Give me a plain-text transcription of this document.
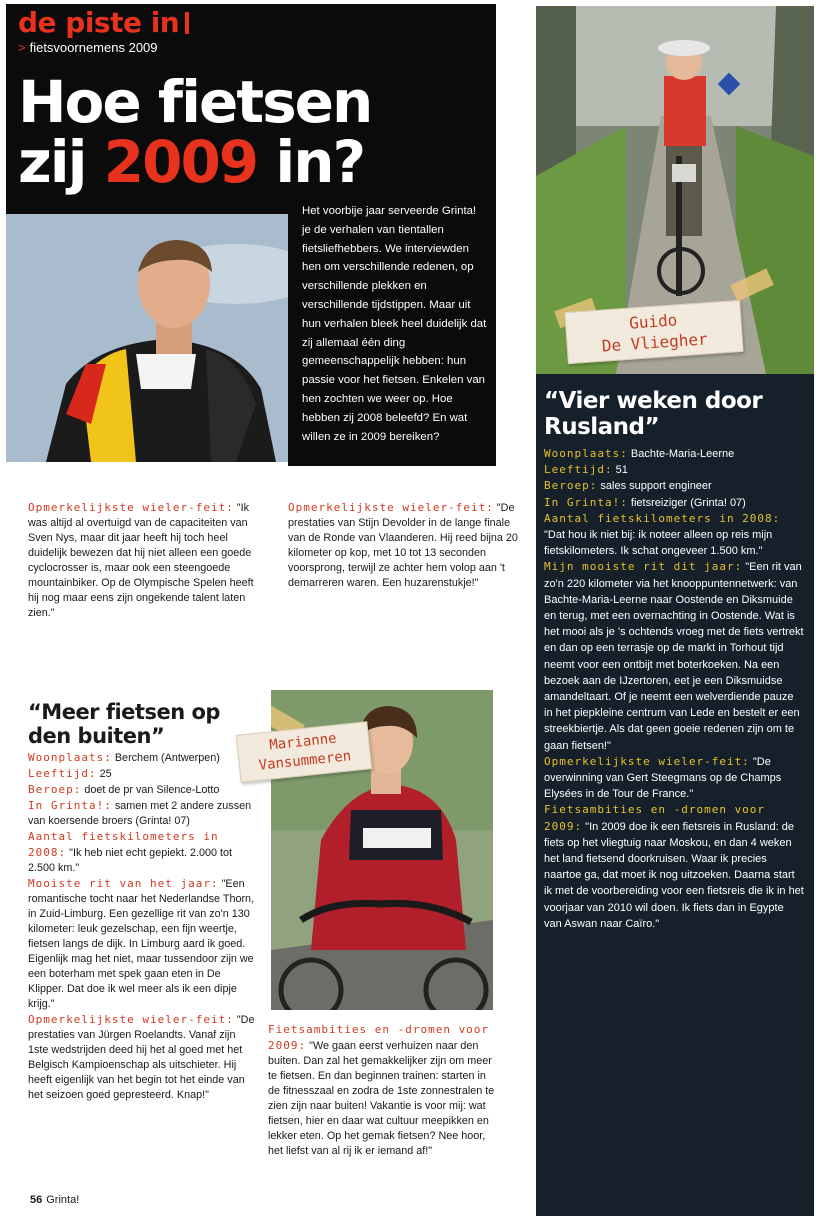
de piste in
> fietsvoornemens 2009
Hoe fietsen
zij 2009 in?

Het voorbije jaar serveerde Grinta! je de verhalen van tientallen fietsliefhebbers. We interviewden hen om verschillende redenen, op verschillende plekken en verschillende tijdstippen. Maar uit hun verhalen bleek heel duidelijk dat zij allemaal één ding gemeenschappelijk hebben: hun passie voor het fietsen. Enkelen van hen zochten we weer op. Hoe hebben zij 2008 beleefd? En wat willen ze in 2009 bereiken?

Guido
De Vliegher
“Vier weken door Rusland”

Woonplaats: Bachte-Maria-Leerne

Leeftijd: 51

Beroep: sales support engineer

In Grinta!: fietsreiziger (Grinta! 07)

Aantal fietskilometers in 2008: "Dat hou ik niet bij: ik noteer alleen op reis mijn fietskilometers. Ik schat ongeveer 1.500 km."

Mijn mooiste rit dit jaar: "Een rit van zo'n 220 kilometer via het knooppuntennetwerk: van Bachte-Maria-Leerne naar Oostende en Diksmuide en terug, met een overnachting in Oostende. Wat is het mooi als je 's ochtends vroeg met de fiets vertrekt en dan op een terrasje op de markt in Torhout tijd neemt voor een ontbijt met boterkoeken. Na een bezoek aan de IJzertoren, eet je een Diksmuidse amandeltaart. Of je neemt een welverdiende pauze in het piepkleine centrum van Lede en bestelt er een streekbiertje. Als dat geen goeie redenen zijn om te gaan fietsen!"

Opmerkelijkste wieler-feit: "De overwinning van Gert Steegmans op de Champs Elysées in de Tour de France."

Fietsambities en -dromen voor 2009: "In 2009 doe ik een fietsreis in Rusland: de fiets op het vliegtuig naar Moskou, en dan 4 weken het land fietsend doorkruisen. Waar ik precies naartoe ga, dat moet ik nog uitzoeken. Daarna start ik met de voorbereiding voor een fietsreis die ik in het voorjaar van 2010 wil doen. Ik fiets dan in Egypte van Aswan naar Caïro."

Opmerkelijkste wieler-feit: "Ik was altijd al overtuigd van de capaciteiten van Sven Nys, maar dit jaar heeft hij toch heel duidelijk bewezen dat hij niet alleen een goede cyclocrosser is, maar ook een steengoede mountainbiker. Op de Olympische Spelen heeft hij nog maar eens zijn ongekende talent laten zien."

Opmerkelijkste wieler-feit: "De prestaties van Stijn Devolder in de lange finale van de Ronde van Vlaanderen. Hij reed bijna 20 kilometer op kop, met 10 tot 13 seconden voorsprong, terwijl ze achter hem volop aan 't demarreren waren. Een huzarenstukje!"

“Meer fietsen op den buiten”

Woonplaats: Berchem (Antwerpen)

Leeftijd: 25

Beroep: doet de pr van Silence-Lotto

In Grinta!: samen met 2 andere zussen van koersende broers (Grinta! 07)

Aantal fietskilometers in 2008: "Ik heb niet echt gepiekt. 2.000 tot 2.500 km."

Mooiste rit van het jaar: "Een romantische tocht naar het Nederlandse Thorn, in Zuid-Limburg. Een gezellige rit van zo'n 130 kilometer: leuk gezelschap, een fijn weertje, fietsen langs de dijk. In Limburg aard ik goed. Eigenlijk mag het niet, maar tussendoor zijn we een boterham met spek gaan eten in De Klipper. Dat doe ik wel meer als ik een dipje krijg."

Opmerkelijkste wieler-feit: "De prestaties van Jürgen Roelandts. Vanaf zijn 1ste wedstrijden deed hij het al goed met het Belgisch Kampioenschap als uitschieter. Hij heeft eigenlijk van het begin tot het einde van het seizoen goed gepresteerd. Knap!"

Marianne
Vansummeren

Fietsambities en -dromen voor 2009: "We gaan eerst verhuizen naar den buiten. Dan zal het gemakkelijker zijn om meer te fietsen. En dan beginnen trainen: starten in de fitnesszaal en zodra de 1ste zonnestralen te zien zijn naar buiten! Vakantie is voor mij: wat fietsen, hier en daar wat cultuur meepikken en lekker eten. Op het gemak fietsen? Nee hoor, het liefst van al rij ik er iemand af!"

56 Grinta!
